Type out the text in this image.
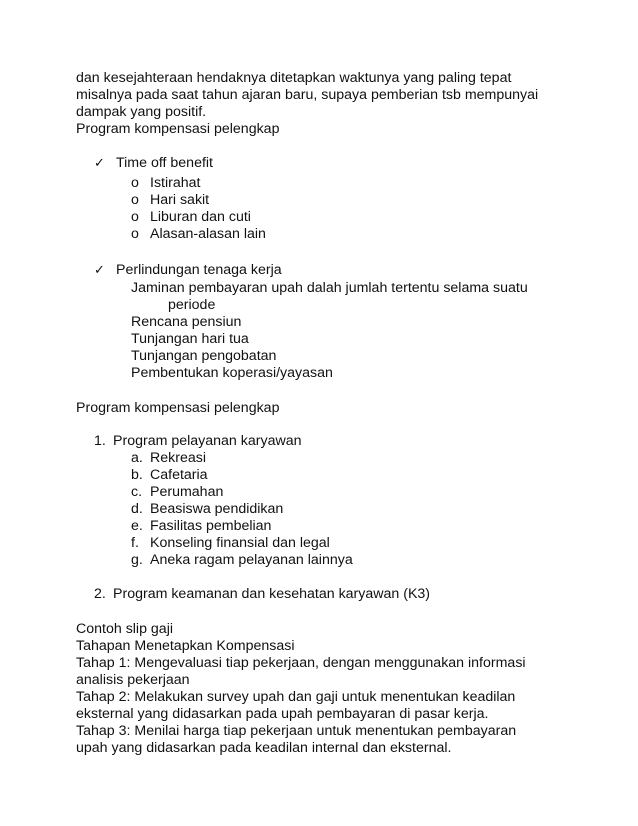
dan kesejahteraan hendaknya ditetapkan waktunya yang paling tepat
misalnya pada saat tahun ajaran baru, supaya pemberian tsb mempunyai
dampak yang positif.
Program kompensasi pelengkap
✓ Time off benefit
o Istirahat
o Hari sakit
o Liburan dan cuti
o Alasan-alasan lain
✓ Perlindungan tenaga kerja
Jaminan pembayaran upah dalah jumlah tertentu selama suatu
periode
Rencana pensiun
Tunjangan hari tua
Tunjangan pengobatan
Pembentukan koperasi/yayasan
Program kompensasi pelengkap
1. Program pelayanan karyawan
a. Rekreasi
b. Cafetaria
c. Perumahan
d. Beasiswa pendidikan
e. Fasilitas pembelian
f. Konseling finansial dan legal
g. Aneka ragam pelayanan lainnya
2. Program keamanan dan kesehatan karyawan (K3)
Contoh slip gaji
Tahapan Menetapkan Kompensasi
Tahap 1: Mengevaluasi tiap pekerjaan, dengan menggunakan informasi
analisis pekerjaan
Tahap 2: Melakukan survey upah dan gaji untuk menentukan keadilan
eksternal yang didasarkan pada upah pembayaran di pasar kerja.
Tahap 3: Menilai harga tiap pekerjaan untuk menentukan pembayaran
upah yang didasarkan pada keadilan internal dan eksternal.
